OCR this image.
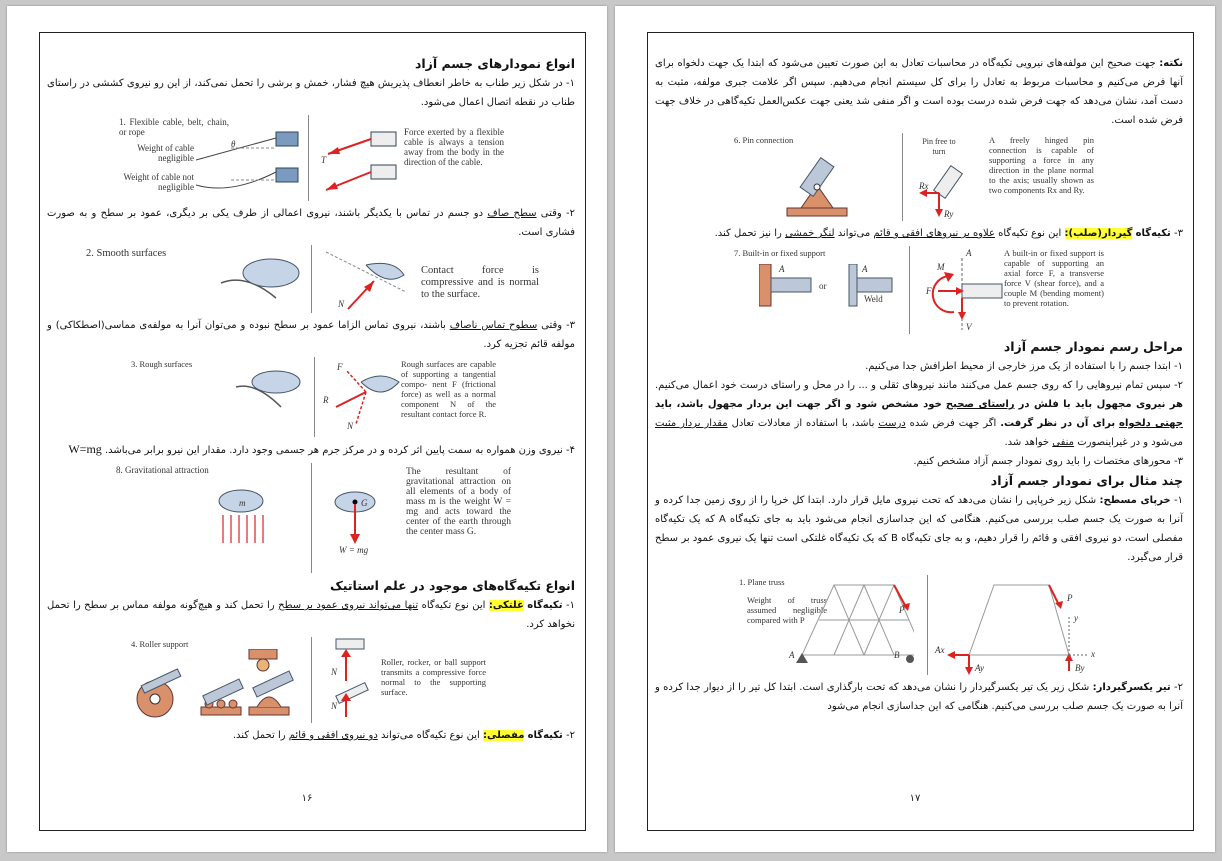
انواع نمودارهای جسم آزاد

۱- در شکل زیر طناب به خاطر انعطاف پذیریش هیچ فشار، خمش و برشی را تحمل نمی‌کند، از این رو نیروی کششی در راستای طناب در نقطه اتصال اعمال می‌شود.

1. Flexible cable, belt, chain, or rope
Weight of cable negligible
Weight of cable not negligible
θ
T
Force exerted by a flexible cable is always a tension away from the body in the direction of the cable.

۲- وقتی سطح صاف دو جسم در تماس با یکدیگر باشند، نیروی اعمالی از طرف یکی بر دیگری، عمود بر سطح و به صورت فشاری است.

2. Smooth surfaces
N
Contact force is compressive and is normal to the surface.

۳- وقتی سطوح تماس ناصاف باشند، نیروی تماس الزاما عمود بر سطح نبوده و می‌توان آنرا به مولفه‌ی مماسی(اصطکاکی) و مولفه قائم تجزیه کرد.

3. Rough surfaces	F
R
N
Rough surfaces are capable of supporting a tangential compo- nent F (frictional force) as well as a normal component N of the resultant contact force R.

۴- نیروی وزن همواره به سمت پایین اثر کرده و در مرکز جرم هر جسمی وجود دارد. مقدار این نیرو برابر می‌باشد. W=mg

8. Gravitational attraction
m	G
W = mg
The resultant of gravitational attraction on all elements of a body of mass m is the weight W = mg and acts toward the center of the earth through the center mass G.

انواع تکیه‌گاه‌های موجود در علم استاتیک

۱- تکیه‌گاه غلتکی: این نوع تکیه‌گاه تنها می‌تواند نیروی عمود بر سطح را تحمل کند و هیچ‌گونه مولفه مماس بر سطح را تحمل نخواهد کرد.

4. Roller support
N
N
Roller, rocker, or ball support transmits a compressive force normal to the supporting surface.

۲- تکیه‌گاه مفصلی: این نوع تکیه‌گاه می‌تواند دو نیروی افقی و قائم را تحمل کند.

۱۶

نکته: جهت صحیح این مولفه‌های نیرویی تکیه‌گاه در محاسبات تعادل به این صورت تعیین می‌شود که ابتدا یک جهت دلخواه برای آنها فرض می‌کنیم و محاسبات مربوط به تعادل را برای کل سیستم انجام می‌دهیم. سپس اگر علامت جبری مولفه، مثبت به دست آمد، نشان می‌دهد که جهت فرض شده درست بوده است و اگر منفی شد یعنی جهت عکس‌العمل تکیه‌گاهی در خلاف جهت فرض شده است.

6. Pin connection	Pin free to turn
Rx
Ry
A freely hinged pin connection is capable of supporting a force in any direction in the plane normal to the axis; usually shown as two components Rx and Ry.

۳- تکیه‌گاه گیردار(صلب): این نوع تکیه‌گاه علاوه بر نیروهای افقی و قائم می‌تواند لنگر خمشی را نیز تحمل کند.

7. Built-in or fixed support
A
or
A
Weld
A
M
F
V
A built-in or fixed support is capable of supporting an axial force F, a transverse force V (shear force), and a couple M (bending moment) to prevent rotation.

مراحل رسم نمودار جسم آزاد

۱- ابتدا جسم را با استفاده از یک مرز خارجی از محیط اطرافش جدا می‌کنیم.

۲- سپس تمام نیروهایی را که روی جسم عمل می‌کنند مانند نیروهای ثقلی و ... را در محل و راستای درست خود اعمال می‌کنیم. هر نیروی مجهول باید با فلش در راستای صحیح خود مشخص شود و اگر جهت این بردار مجهول باشد، باید جهتی دلخواه برای آن در نظر گرفت. اگر جهت فرض شده درست باشد، با استفاده از معادلات تعادل مقدار بردار مثبت می‌شود و در غیراینصورت منفی خواهد شد.

۳- محورهای مختصات را باید روی نمودار جسم آزاد مشخص کنیم.

چند مثال برای نمودار جسم آزاد

۱- خرپای مسطح: شکل زیر خرپایی را نشان می‌دهد که تحت نیروی مایل قرار دارد. ابتدا کل خرپا را از روی زمین جدا کرده و آنرا به صورت یک جسم صلب بررسی می‌کنیم. هنگامی که این جداسازی انجام می‌شود باید به جای تکیه‌گاه A که یک تکیه‌گاه مفصلی است، دو نیروی افقی و قائم را قرار دهیم، و به جای تکیه‌گاه B که یک تکیه‌گاه غلتکی است تنها یک نیروی عمود بر سطح قرار می‌گیرد.

1. Plane truss
Weight of truss assumed negligible compared with P
P
A	B
P
Ax
Ay	By
x
y

۲- تیر یکسرگیردار: شکل زیر یک تیر یکسرگیردار را نشان می‌دهد که تحت بارگذاری است. ابتدا کل تیر را از دیوار جدا کرده و آنرا به صورت یک جسم صلب بررسی می‌کنیم. هنگامی که این جداسازی انجام می‌شود

۱۷
